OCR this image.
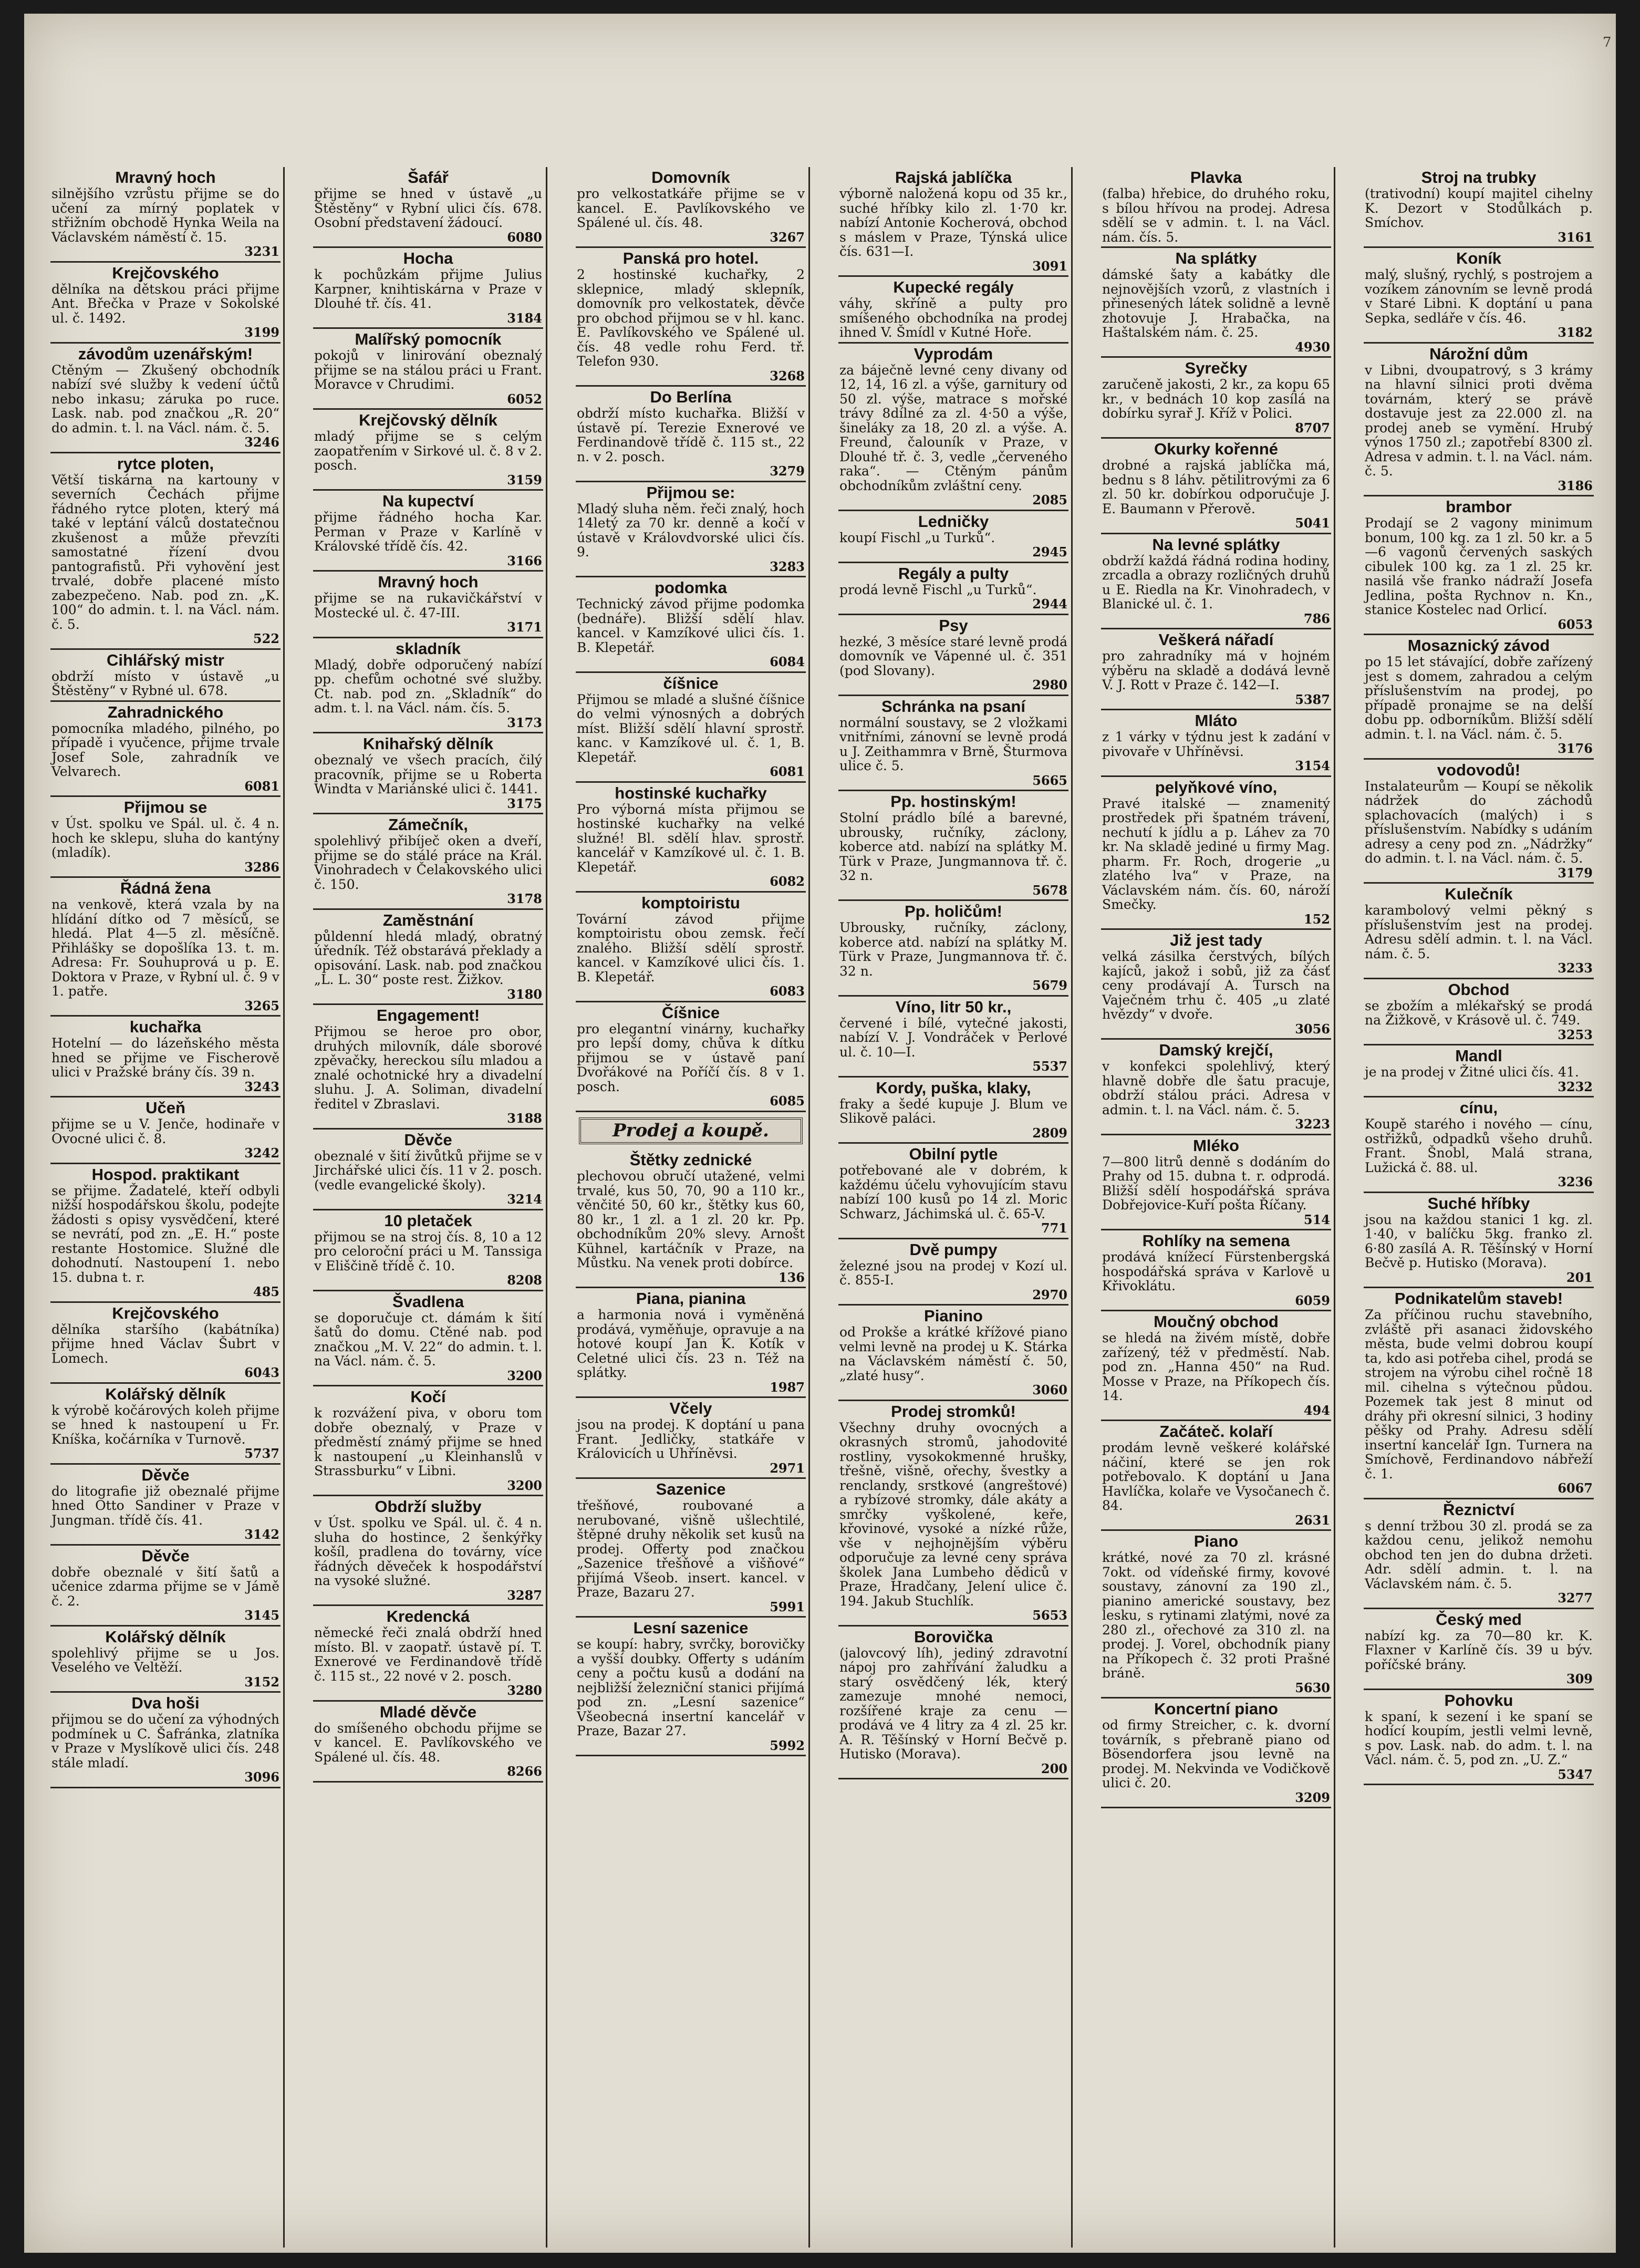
7
Mravný hoch

silnějšího vzrůstu přijme se do učení za mírný poplatek v střižním obchodě Hynka Weila na Václavském náměstí č. 15.

3231
Krejčovského

dělníka na dětskou práci přijme Ant. Břečka v Praze v Sokolské ul. č. 1492.

3199
závodům uzenářským!

Ctěným — Zkušený obchodník nabízí své služby k vedení účtů nebo inkasu; záruka po ruce. Lask. nab. pod značkou „R. 20“ do admin. t. l. na Václ. nám. č. 5.

3246
rytce ploten,

Větší tiskárna na kartouny v severních Čechách přijme řádného rytce ploten, který má také v leptání válců dostatečnou zkušenost a může převzíti samostatné řízení dvou pantografistů. Při vyhovění jest trvalé, dobře placené místo zabezpečeno. Nab. pod zn. „K. 100“ do admin. t. l. na Václ. nám. č. 5.

522
Cihlářský mistr

obdrží místo v ústavě „u Štěstěny“ v Rybné ul. 678.

Zahradnického

pomocníka mladého, pilného, po případě i vyučence, přijme trvale Josef Sole, zahradník ve Velvarech.

6081
Přijmou se

v Úst. spolku ve Spál. ul. č. 4 n. hoch ke sklepu, sluha do kantýny (mladík).

3286
Řádná žena

na venkově, která vzala by na hlídání dítko od 7 měsíců, se hledá. Plat 4—5 zl. měsíčně. Přihlášky se dopošlíka 13. t. m. Adresa: Fr. Souhuprová u p. E. Doktora v Praze, v Rybní ul. č. 9 v 1. patře.

3265
kuchařka

Hotelní — do lázeňského města hned se přijme ve Fischerově ulici v Pražské brány čís. 39 n.

3243
Učeň

přijme se u V. Jenče, hodinaře v Ovocné ulici č. 8.

3242
Hospod. praktikant

se přijme. Žadatelé, kteří odbyli nižší hospodářskou školu, podejte žádosti s opisy vysvědčení, které se nevrátí, pod zn. „E. H.“ poste restante Hostomice. Služné dle dohodnutí. Nastoupení 1. nebo 15. dubna t. r.

485
Krejčovského

dělníka staršího (kabátníka) přijme hned Václav Šubrt v Lomech.

6043
Kolářský dělník

k výrobě kočárových koleh přijme se hned k nastoupení u Fr. Kníška, kočárníka v Turnově.

5737
Děvče

do litografie již obeznalé přijme hned Otto Sandiner v Praze v Jungman. třídě čís. 41.

3142
Děvče

dobře obeznalé v šití šatů a učenice zdarma přijme se v Jámě č. 2.

3145
Kolářský dělník

spolehlivý přijme se u Jos. Veselého ve Veltěží.

3152
Dva hoši

přijmou se do učení za výhodných podmínek u C. Šafránka, zlatníka v Praze v Myslíkově ulici čís. 248 stále mladí.

3096
Šafář

přijme se hned v ústavě „u Štěstěny“ v Rybní ulici čís. 678. Osobní představení žádoucí.

6080
Hocha

k pochůzkám přijme Julius Karpner, knihtiskárna v Praze v Dlouhé tř. čís. 41.

3184
Malířský pomocník

pokojů v linirování obeznalý přijme se na stálou práci u Frant. Moravce v Chrudimi.

6052
Krejčovský dělník

mladý přijme se s celým zaopatřením v Sirkové ul. č. 8 v 2. posch.

3159
Na kupectví

přijme řádného hocha Kar. Perman v Praze v Karlíně v Královské třídě čís. 42.

3166
Mravný hoch

přijme se na rukavičkářství v Mostecké ul. č. 47-III.

3171
skladník

Mladý, dobře odporučený nabízí pp. chefům ochotné své služby. Ct. nab. pod zn. „Skladník“ do adm. t. l. na Václ. nám. čís. 5.

3173
Knihařský dělník

obeznalý ve všech pracích, čilý pracovník, přijme se u Roberta Windta v Mariánské ulici č. 1441.

3175
Zámečník,

spolehlivý přibíječ oken a dveří, přijme se do stálé práce na Král. Vinohradech v Čelakovského ulici č. 150.

3178
Zaměstnání

půldenní hledá mladý, obratný úředník. Též obstarává překlady a opisování. Lask. nab. pod značkou „L. L. 30“ poste rest. Žižkov.

3180
Engagement!

Přijmou se heroe pro obor, druhých milovník, dále sborové zpěvačky, hereckou sílu mladou a znalé ochotnické hry a divadelní sluhu. J. A. Soliman, divadelní ředitel v Zbraslavi.

3188
Děvče

obeznalé v šití živůtků přijme se v Jirchářské ulici čís. 11 v 2. posch. (vedle evangelické školy).

3214
10 pletaček

přijmou se na stroj čís. 8, 10 a 12 pro celoroční práci u M. Tanssiga v Eliščině třídě č. 10.

8208
Švadlena

se doporučuje ct. dámám k šití šatů do domu. Ctěné nab. pod značkou „M. V. 22“ do admin. t. l. na Václ. nám. č. 5.

3200
Kočí

k rozvážení piva, v oboru tom dobře obeznalý, v Praze v předměstí známý přijme se hned k nastoupení „u Kleinhanslů v Strassburku“ v Libni.

3200
Obdrží služby

v Úst. spolku ve Spál. ul. č. 4 n. sluha do hostince, 2 šenkýřky košíl, pradlena do továrny, více řádných děveček k hospodářství na vysoké služné.

3287
Kredencká

německé řeči znalá obdrží hned místo. Bl. v zaopatř. ústavě pí. T. Exnerové ve Ferdinandově třídě č. 115 st., 22 nové v 2. posch.

3280
Mladé děvče

do smíšeného obchodu přijme se v kancel. E. Pavlíkovského ve Spálené ul. čís. 48.

8266
Domovník

pro velkostatkáře přijme se v kancel. E. Pavlíkovského ve Spálené ul. čís. 48.

3267
Panská pro hotel.

2 hostinské kuchařky, 2 sklepnice, mladý sklepník, domovník pro velkostatek, děvče pro obchod přijmou se v hl. kanc. E. Pavlíkovského ve Spálené ul. čís. 48 vedle rohu Ferd. tř. Telefon 930.

3268
Do Berlína

obdrží místo kuchařka. Bližší v ústavě pí. Terezie Exnerové ve Ferdinandově třídě č. 115 st., 22 n. v 2. posch.

3279
Přijmou se:

Mladý sluha něm. řeči znalý, hoch 14letý za 70 kr. denně a kočí v ústavě v Královdvorské ulici čís. 9.

3283
podomka

Technický závod přijme podomka (bednáře). Bližší sdělí hlav. kancel. v Kamzíkové ulici čís. 1. B. Klepetář.

6084
číšnice

Přijmou se mladé a slušné číšnice do velmi výnosných a dobrých míst. Bližší sdělí hlavní sprostř. kanc. v Kamzíkové ul. č. 1, B. Klepetář.

6081
hostinské kuchařky

Pro výborná místa přijmou se hostinské kuchařky na velké služné! Bl. sdělí hlav. sprostř. kancelář v Kamzíkové ul. č. 1. B. Klepetář.

6082
komptoiristu

Tovární závod přijme komptoiristu obou zemsk. řečí znalého. Bližší sdělí sprostř. kancel. v Kamzíkové ulici čís. 1. B. Klepetář.

6083
Číšnice

pro elegantní vinárny, kuchařky pro lepší domy, chůva k dítku přijmou se v ústavě paní Dvořákové na Poříčí čís. 8 v 1. posch.

6085
Prodej a koupě.
Štětky zednické

plechovou obručí utažené, velmi trvalé, kus 50, 70, 90 a 110 kr., věnčité 50, 60 kr., štětky kus 60, 80 kr., 1 zl. a 1 zl. 20 kr. Pp. obchodníkům 20% slevy. Arnošt Kühnel, kartáčník v Praze, na Můstku. Na venek proti dobírce.

136
Piana, pianina

a harmonia nová i vyměněná prodává, vyměňuje, opravuje a na hotové koupí Jan K. Kotík v Celetné ulici čís. 23 n. Též na splátky.

1987
Včely

jsou na prodej. K doptání u pana Frant. Jedličky, statkáře v Královicích u Uhříněvsi.

2971
Sazenice

třešňové, roubované a nerubované, višně ušlechtilé, štěpné druhy několik set kusů na prodej. Offerty pod značkou „Sazenice třešňové a višňové“ přijímá Všeob. insert. kancel. v Praze, Bazaru 27.

5991
Lesní sazenice

se koupí: habry, svrčky, borovičky a vyšší doubky. Offerty s udáním ceny a počtu kusů a dodání na nejbližší železniční stanici přijímá pod zn. „Lesní sazenice“ Všeobecná insertní kancelář v Praze, Bazar 27.

5992
Rajská jablíčka

výborně naložená kopu od 35 kr., suché hříbky kilo zl. 1·70 kr. nabízí Antonie Kocherová, obchod s máslem v Praze, Týnská ulice čís. 631—I.

3091
Kupecké regály

váhy, skříně a pulty pro smíšeného obchodníka na prodej ihned V. Šmídl v Kutné Hoře.

Vyprodám

za báječně levné ceny divany od 12, 14, 16 zl. a výše, garnitury od 50 zl. výše, matrace s mořské trávy 8dílné za zl. 4·50 a výše, šineláky za 18, 20 zl. a výše. A. Freund, čalouník v Praze, v Dlouhé tř. č. 3, vedle „červeného raka“. — Ctěným pánům obchodníkům zvláštní ceny.

2085
Ledničky

koupí Fischl „u Turků“.

2945
Regály a pulty

prodá levně Fischl „u Turků“.

2944
Psy

hezké, 3 měsíce staré levně prodá domovník ve Vápenné ul. č. 351 (pod Slovany).

2980
Schránka na psaní

normální soustavy, se 2 vložkami vnitřními, zánovní se levně prodá u J. Zeithammra v Brně, Šturmova ulice č. 5.

5665
Pp. hostinským!

Stolní prádlo bílé a barevné, ubrousky, ručníky, záclony, koberce atd. nabízí na splátky M. Türk v Praze, Jungmannova tř. č. 32 n.

5678
Pp. holičům!

Ubrousky, ručníky, záclony, koberce atd. nabízí na splátky M. Türk v Praze, Jungmannova tř. č. 32 n.

5679
Víno, litr 50 kr.,

červené i bílé, vytečné jakosti, nabízí V. J. Vondráček v Perlové ul. č. 10—I.

5537
Kordy, puška, klaky,

fraky a šedé kupuje J. Blum ve Slikově paláci.

2809
Obilní pytle

potřebované ale v dobrém, k každému účelu vyhovujícím stavu nabízí 100 kusů po 14 zl. Moric Schwarz, Jáchimská ul. č. 65-V.

771
Dvě pumpy

železné jsou na prodej v Kozí ul. č. 855-I.

2970
Pianino

od Prokše a krátké křížové piano velmi levně na prodej u K. Stárka na Václavském náměstí č. 50, „zlaté husy“.

3060
Prodej stromků!

Všechny druhy ovocných a okrasných stromů, jahodovité rostliny, vysokokmenné hrušky, třešně, višně, ořechy, švestky a renclandy, srstkové (angreštové) a rybízové stromky, dále akáty a smrčky vyškolené, keře, křovinové, vysoké a nízké růže, vše v nejhojnějším výběru odporučuje za levné ceny správa školek Jana Lumbeho dědiců v Praze, Hradčany, Jelení ulice č. 194. Jakub Stuchlík.

5653
Borovička

(jalovcový líh), jediný zdravotní nápoj pro zahřívání žaludku a starý osvědčený lék, který zamezuje mnohé nemoci, rozšířené kraje za cenu — prodává ve 4 litry za 4 zl. 25 kr. A. R. Těšínský v Horní Bečvě p. Hutisko (Morava).

200
Plavka

(falba) hřebice, do druhého roku, s bílou hřívou na prodej. Adresa sdělí se v admin. t. l. na Václ. nám. čís. 5.

Na splátky

dámské šaty a kabátky dle nejnovějších vzorů, z vlastních i přinesených látek solidně a levně zhotovuje J. Hrabačka, na Haštalském nám. č. 25.

4930
Syrečky

zaručeně jakosti, 2 kr., za kopu 65 kr., v bednách 10 kop zasílá na dobírku syrař J. Kříž v Polici.

8707
Okurky kořenné

drobné a rajská jablíčka má, bednu s 8 láhv. pětilitrovými za 6 zl. 50 kr. dobírkou odporučuje J. E. Baumann v Přerově.

5041
Na levné splátky

obdrží každá řádná rodina hodiny, zrcadla a obrazy rozličných druhů u E. Riedla na Kr. Vinohradech, v Blanické ul. č. 1.

786
Veškerá nářadí

pro zahradníky má v hojném výběru na skladě a dodává levně V. J. Rott v Praze č. 142—I.

5387
Mláto

z 1 várky v týdnu jest k zadání v pivovaře v Uhříněvsi.

3154
pelyňkové víno,

Pravé italské — znamenitý prostředek při špatném trávení, nechutí k jídlu a p. Láhev za 70 kr. Na skladě jediné u firmy Mag. pharm. Fr. Roch, drogerie „u zlatého lva“ v Praze, na Václavském nám. čís. 60, nároží Smečky.

152
Již jest tady

velká zásilka čerstvých, bílých kajíců, jakož i sobů, již za čásť ceny prodávají A. Tursch na Vaječném trhu č. 405 „u zlaté hvězdy“ v dvoře.

3056
Damský krejčí,

v konfekci spolehlivý, který hlavně dobře dle šatu pracuje, obdrží stálou práci. Adresa v admin. t. l. na Václ. nám. č. 5.

3223
Mléko

7—800 litrů denně s dodáním do Prahy od 15. dubna t. r. odprodá. Bližší sdělí hospodářská správa Dobřejovice-Kuří pošta Říčany.

514
Rohlíky na semena

prodává knížecí Fürstenbergská hospodářská správa v Karlově u Křivoklátu.

6059
Moučný obchod

se hledá na živém místě, dobře zařízený, též v předměstí. Nab. pod zn. „Hanna 450“ na Rud. Mosse v Praze, na Příkopech čís. 14.

494
Začáteč. kolaří

prodám levně veškeré kolářské náčiní, které se jen rok potřebovalo. K doptání u Jana Havlíčka, kolaře ve Vysočanech č. 84.

2631
Piano

krátké, nové za 70 zl. krásné 7okt. od vídeňské firmy, kovové soustavy, zánovní za 190 zl., pianino americké soustavy, bez lesku, s rytinami zlatými, nové za 280 zl., ořechové za 310 zl. na prodej. J. Vorel, obchodník piany na Příkopech č. 32 proti Prašné bráně.

5630
Koncertní piano

od firmy Streicher, c. k. dvorní továrník, s přebraně piano od Bösendorfera jsou levně na prodej. M. Nekvinda ve Vodičkově ulici č. 20.

3209
Stroj na trubky

(trativodní) koupí majitel cihelny K. Dezort v Stodůlkách p. Smíchov.

3161
Koník

malý, slušný, rychlý, s postrojem a vozíkem zánovním se levně prodá v Staré Libni. K doptání u pana Sepka, sedláře v čís. 46.

3182
Nárožní dům

v Libni, dvoupatrový, s 3 krámy na hlavní silnici proti dvěma továrnám, který se právě dostavuje jest za 22.000 zl. na prodej aneb se vymění. Hrubý výnos 1750 zl.; zapotřebí 8300 zl. Adresa v admin. t. l. na Václ. nám. č. 5.

3186
brambor

Prodají se 2 vagony minimum bonum, 100 kg. za 1 zl. 50 kr. a 5—6 vagonů červených saských cibulek 100 kg. za 1 zl. 25 kr. nasilá vše franko nádraží Josefa Jedlina, pošta Rychnov n. Kn., stanice Kostelec nad Orlicí.

6053
Mosaznický závod

po 15 let stávající, dobře zařízený jest s domem, zahradou a celým příslušenstvím na prodej, po případě pronajme se na delší dobu pp. odborníkům. Bližší sdělí admin. t. l. na Václ. nám. č. 5.

3176
vodovodů!

Instalateurům — Koupí se několik nádržek do záchodů splachovacích (malých) i s příslušenstvím. Nabídky s udáním adresy a ceny pod zn. „Nádržky“ do admin. t. l. na Václ. nám. č. 5.

3179
Kulečník

karambolový velmi pěkný s příslušenstvím jest na prodej. Adresu sdělí admin. t. l. na Václ. nám. č. 5.

3233
Obchod

se zbožím a mlékařský se prodá na Žižkově, v Krásově ul. č. 749.

3253
Mandl

je na prodej v Žitné ulici čís. 41.

3232
cínu,

Koupě starého i nového — cínu, ostřižků, odpadků všeho druhů. Frant. Šnobl, Malá strana, Lužická č. 88. ul.

3236
Suché hříbky

jsou na každou stanici 1 kg. zl. 1·40, v balíčku 5kg. franko zl. 6·80 zasílá A. R. Těšínský v Horní Bečvě p. Hutisko (Morava).

201
Podnikatelům staveb!

Za příčinou ruchu stavebního, zvláště při asanaci židovského města, bude velmi dobrou koupí ta, kdo asi potřeba cihel, prodá se strojem na výrobu cihel ročně 18 mil. cihelna s výtečnou půdou. Pozemek tak jest 8 minut od dráhy při okresní silnici, 3 hodiny pěšky od Prahy. Adresu sdělí insertní kancelář Ign. Turnera na Smíchově, Ferdinandovo nábřeží č. 1.

6067
Řeznictví

s denní tržbou 30 zl. prodá se za každou cenu, jelikož nemohu obchod ten jen do dubna držeti. Adr. sdělí admin. t. l. na Václavském nám. č. 5.

3277
Český med

nabízí kg. za 70—80 kr. K. Flaxner v Karlíně čís. 39 u býv. poříčské brány.

309
Pohovku

k spaní, k sezení i ke spaní se hodící koupím, jestli velmi levně, s pov. Lask. nab. do adm. t. l. na Václ. nám. č. 5, pod zn. „U. Z.“

5347
